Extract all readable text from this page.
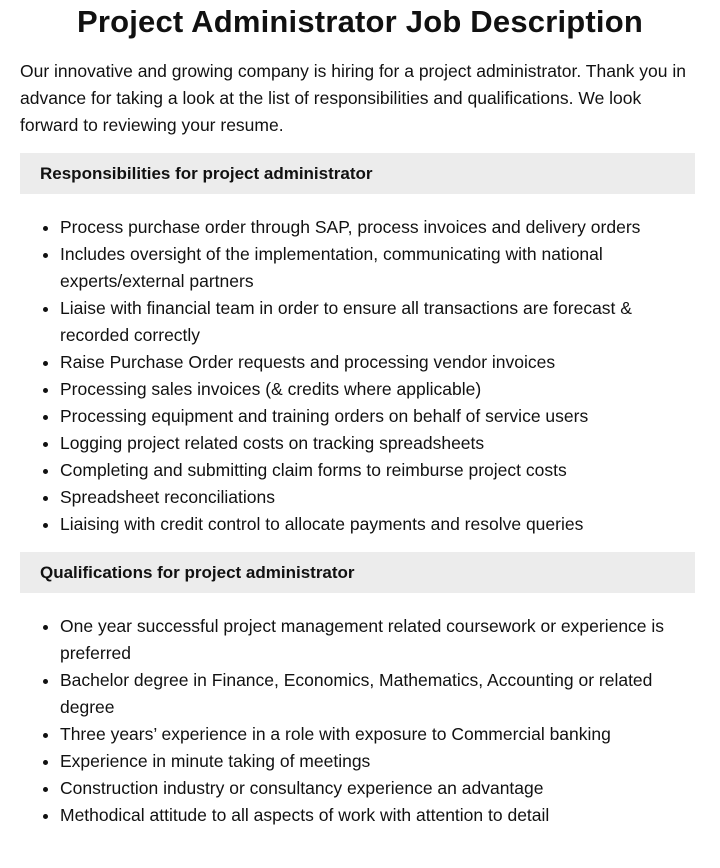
Project Administrator Job Description

Our innovative and growing company is hiring for a project administrator. Thank you in advance for taking a look at the list of responsibilities and qualifications. We look forward to reviewing your resume.

Responsibilities for project administrator
• Process purchase order through SAP, process invoices and delivery orders
• Includes oversight of the implementation, communicating with national experts/external partners
• Liaise with financial team in order to ensure all transactions are forecast & recorded correctly
• Raise Purchase Order requests and processing vendor invoices
• Processing sales invoices (& credits where applicable)
• Processing equipment and training orders on behalf of service users
• Logging project related costs on tracking spreadsheets
• Completing and submitting claim forms to reimburse project costs
• Spreadsheet reconciliations
• Liaising with credit control to allocate payments and resolve queries
Qualifications for project administrator
• One year successful project management related coursework or experience is preferred
• Bachelor degree in Finance, Economics, Mathematics, Accounting or related degree
• Three years’ experience in a role with exposure to Commercial banking
• Experience in minute taking of meetings
• Construction industry or consultancy experience an advantage
• Methodical attitude to all aspects of work with attention to detail
